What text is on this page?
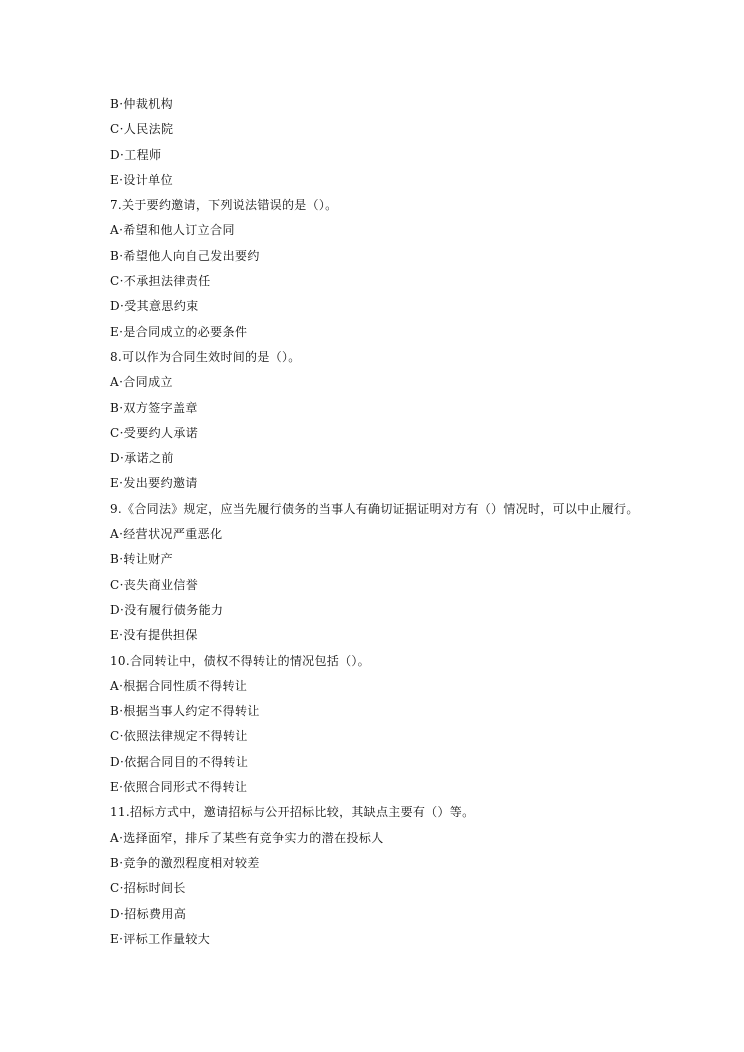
B·仲裁机构
C·人民法院
D·工程师
E·设计单位
7.关于要约邀请，下列说法错误的是（）。
A·希望和他人订立合同
B·希望他人向自己发出要约
C·不承担法律责任
D·受其意思约束
E·是合同成立的必要条件
8.可以作为合同生效时间的是（）。
A·合同成立
B·双方签字盖章
C·受要约人承诺
D·承诺之前
E·发出要约邀请
9.《合同法》规定，应当先履行债务的当事人有确切证据证明对方有（）情况时，可以中止履行。
A·经营状况严重恶化
B·转让财产
C·丧失商业信誉
D·没有履行债务能力
E·没有提供担保
10.合同转让中，债权不得转让的情况包括（）。
A·根据合同性质不得转让
B·根据当事人约定不得转让
C·依照法律规定不得转让
D·依据合同目的不得转让
E·依照合同形式不得转让
11.招标方式中，邀请招标与公开招标比较，其缺点主要有（）等。
A·选择面窄，排斥了某些有竞争实力的潜在投标人
B·竞争的激烈程度相对较差
C·招标时间长
D·招标费用高
E·评标工作量较大
